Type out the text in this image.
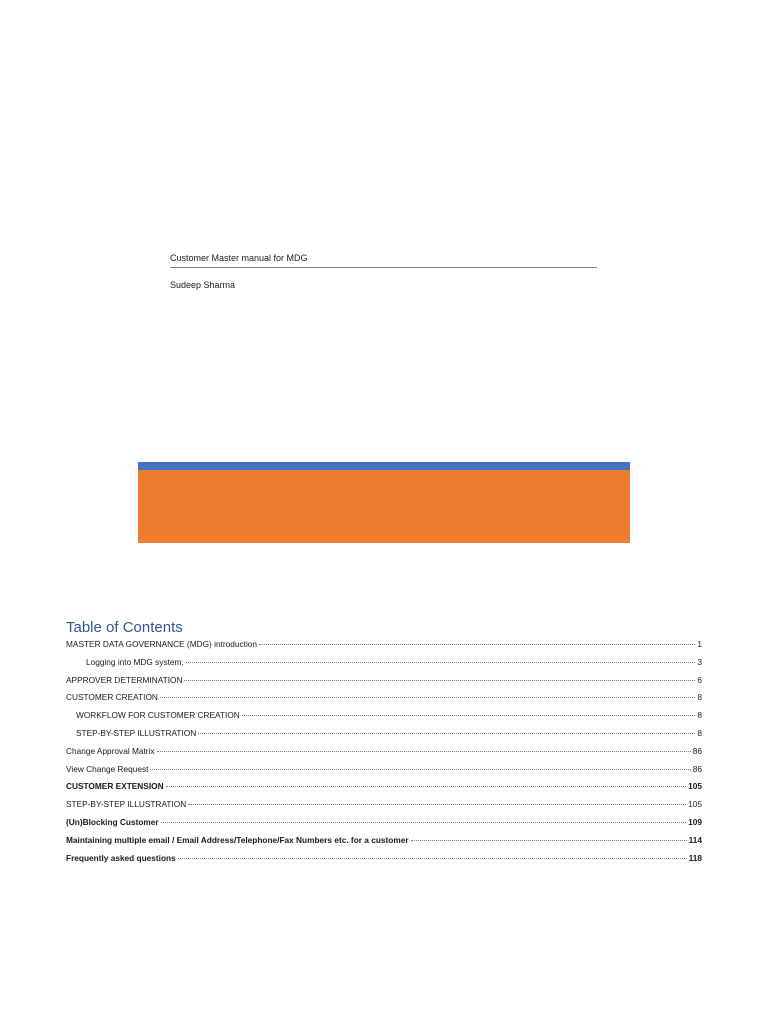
Customer Master manual for MDG
Sudeep Sharma
Table of Contents
MASTER DATA GOVERNANCE (MDG) introduction	1
Logging into MDG system:	3
APPROVER DETERMINATION	6
CUSTOMER CREATION	8
WORKFLOW FOR CUSTOMER CREATION	8
STEP-BY-STEP ILLUSTRATION	8
Change Approval Matrix	86
View Change Request	86
CUSTOMER EXTENSION	105
STEP-BY-STEP ILLUSTRATION	105
(Un)Blocking Customer	109
Maintaining multiple email / Email Address/Telephone/Fax Numbers etc. for a customer	114
Frequently asked questions	118
